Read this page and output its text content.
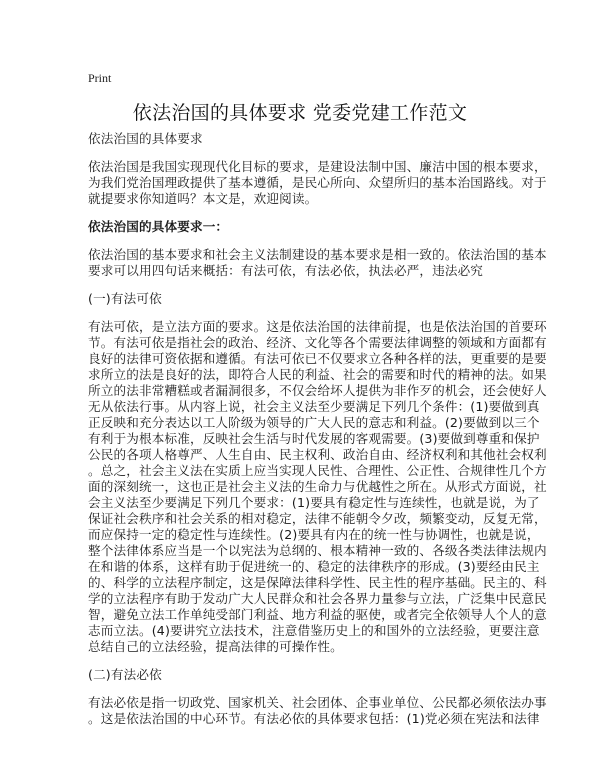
Print
依法治国的具体要求 党委党建工作范文
依法治国的具体要求
依法治国是我国实现现代化目标的要求，是建设法制中国、廉洁中国的根本要求，
为我们党治国理政提供了基本遵循，是民心所向、众望所归的基本治国路线。对于
就提要求你知道吗？本文是，欢迎阅读。
依法治国的具体要求一：
依法治国的基本要求和社会主义法制建设的基本要求是相一致的。依法治国的基本
要求可以用四句话来概括：有法可依，有法必依，执法必严，违法必究
(一)有法可依
有法可依，是立法方面的要求。这是依法治国的法律前提，也是依法治国的首要环
节。有法可依是指社会的政治、经济、文化等各个需要法律调整的领域和方面都有
良好的法律可资依据和遵循。有法可依已不仅要求立各种各样的法，更重要的是要
求所立的法是良好的法，即符合人民的利益、社会的需要和时代的精神的法。如果
所立的法非常糟糕或者漏洞很多，不仅会给坏人提供为非作歹的机会，还会使好人
无从依法行事。从内容上说，社会主义法至少要满足下列几个条件：(1)要做到真
正反映和充分表达以工人阶级为领导的广大人民的意志和利益。(2)要做到以三个
有利于为根本标准，反映社会生活与时代发展的客观需要。(3)要做到尊重和保护
公民的各项人格尊严、人生自由、民主权利、政治自由、经济权利和其他社会权利
。总之，社会主义法在实质上应当实现人民性、合理性、公正性、合规律性几个方
面的深刻统一，这也正是社会主义法的生命力与优越性之所在。从形式方面说，社
会主义法至少要满足下列几个要求：(1)要具有稳定性与连续性，也就是说，为了
保证社会秩序和社会关系的相对稳定，法律不能朝令夕改，频繁变动，反复无常，
而应保持一定的稳定性与连续性。(2)要具有内在的统一性与协调性，也就是说，
整个法律体系应当是一个以宪法为总纲的、根本精神一致的、各级各类法律法规内
在和谐的体系，这样有助于促进统一的、稳定的法律秩序的形成。(3)要经由民主
的、科学的立法程序制定，这是保障法律科学性、民主性的程序基础。民主的、科
学的立法程序有助于发动广大人民群众和社会各界力量参与立法，广泛集中民意民
智，避免立法工作单纯受部门利益、地方利益的驱使，或者完全依领导人个人的意
志而立法。(4)要讲究立法技术，注意借鉴历史上的和国外的立法经验，更要注意
总结自己的立法经验，提高法律的可操作性。
(二)有法必依
有法必依是指一切政党、国家机关、社会团体、企事业单位、公民都必须依法办事
。这是依法治国的中心环节。有法必依的具体要求包括：(1)党必须在宪法和法律
